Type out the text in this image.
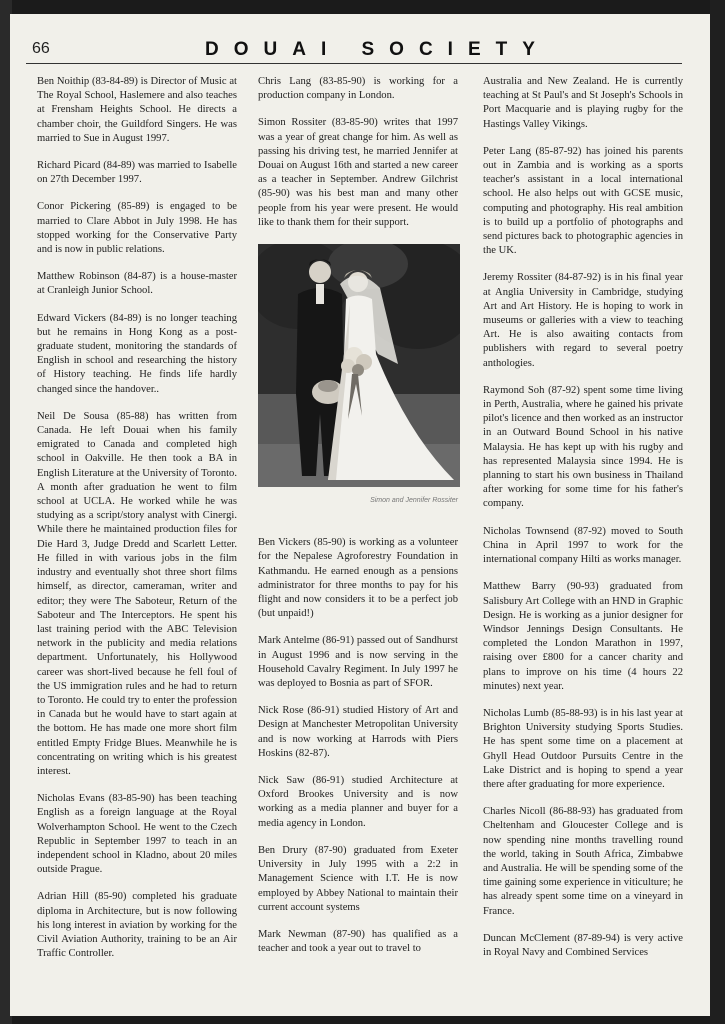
66	DOUAI SOCIETY

Ben Noithip (83-84-89) is Director of Music at The Royal School, Haslemere and also teaches at Frensham Heights School. He directs a chamber choir, the Guildford Singers. He was married to Sue in August 1997.

Richard Picard (84-89) was married to Isabelle on 27th December 1997.

Conor Pickering (85-89) is engaged to be married to Clare Abbot in July 1998. He has stopped working for the Conservative Party and is now in public relations.

Matthew Robinson (84-87) is a house-master at Cranleigh Junior School.

Edward Vickers (84-89) is no longer teaching but he remains in Hong Kong as a post-graduate student, monitoring the standards of English in school and researching the history of History teaching. He finds life hardly changed since the handover..

Neil De Sousa (85-88) has written from Canada. He left Douai when his family emigrated to Canada and completed high school in Oakville. He then took a BA in English Literature at the University of Toronto. A month after graduation he went to film school at UCLA. He worked while he was studying as a script/story analyst with Cinergi. While there he maintained production files for Die Hard 3, Judge Dredd and Scarlett Letter. He filled in with various jobs in the film industry and eventually shot three short films himself, as director, cameraman, writer and editor; they were The Saboteur, Return of the Saboteur and The Interceptors. He spent his last training period with the ABC Television network in the publicity and media relations department. Unfortunately, his Hollywood career was short-lived because he fell foul of the US immigration rules and he had to return to Toronto. He could try to enter the profession in Canada but he would have to start again at the bottom. He has made one more short film entitled Empty Fridge Blues. Meanwhile he is concentrating on writing which is his greatest interest.

Nicholas Evans (83-85-90) has been teaching English as a foreign language at the Royal Wolverhampton School. He went to the Czech Republic in September 1997 to teach in an independent school in Kladno, about 20 miles outside Prague.

Adrian Hill (85-90) completed his graduate diploma in Architecture, but is now following his long interest in aviation by working for the Civil Aviation Authority, training to be an Air Traffic Controller.

Chris Lang (83-85-90) is working for a production company in London.

Simon Rossiter (83-85-90) writes that 1997 was a year of great change for him. As well as passing his driving test, he married Jennifer at Douai on August 16th and started a new career as a teacher in September. Andrew Gilchrist (85-90) was his best man and many other people from his year were present. He would like to thank them for their support.

Simon and Jennifer Rossiter

Ben Vickers (85-90) is working as a volunteer for the Nepalese Agroforestry Foundation in Kathmandu. He earned enough as a pensions administrator for three months to pay for his flight and now considers it to be a perfect job (but unpaid!)

Mark Antelme (86-91) passed out of Sandhurst in August 1996 and is now serving in the Household Cavalry Regiment. In July 1997 he was deployed to Bosnia as part of SFOR.

Nick Rose (86-91) studied History of Art and Design at Manchester Metropolitan University and is now working at Harrods with Piers Hoskins (82-87).

Nick Saw (86-91) studied Architecture at Oxford Brookes University and is now working as a media planner and buyer for a media agency in London.

Ben Drury (87-90) graduated from Exeter University in July 1995 with a 2:2 in Management Science with I.T. He is now employed by Abbey National to maintain their current account systems

Mark Newman (87-90) has qualified as a teacher and took a year out to travel to

Australia and New Zealand. He is currently teaching at St Paul's and St Joseph's Schools in Port Macquarie and is playing rugby for the Hastings Valley Vikings.

Peter Lang (85-87-92) has joined his parents out in Zambia and is working as a sports teacher's assistant in a local international school. He also helps out with GCSE music, computing and photography. His real ambition is to build up a portfolio of photographs and send pictures back to photographic agencies in the UK.

Jeremy Rossiter (84-87-92) is in his final year at Anglia University in Cambridge, studying Art and Art History. He is hoping to work in museums or galleries with a view to teaching Art. He is also awaiting contacts from publishers with regard to several poetry anthologies.

Raymond Soh (87-92) spent some time living in Perth, Australia, where he gained his private pilot's licence and then worked as an instructor in an Outward Bound School in his native Malaysia. He has kept up with his rugby and has represented Malaysia since 1994. He is planning to start his own business in Thailand after working for some time for his father's company.

Nicholas Townsend (87-92) moved to South China in April 1997 to work for the international company Hilti as works manager.

Matthew Barry (90-93) graduated from Salisbury Art College with an HND in Graphic Design. He is working as a junior designer for Windsor Jennings Design Consultants. He completed the London Marathon in 1997, raising over £800 for a cancer charity and plans to improve on his time (4 hours 22 minutes) next year.

Nicholas Lumb (85-88-93) is in his last year at Brighton University studying Sports Studies. He has spent some time on a placement at Ghyll Head Outdoor Pursuits Centre in the Lake District and is hoping to spend a year there after graduating for more experience.

Charles Nicoll (86-88-93) has graduated from Cheltenham and Gloucester College and is now spending nine months travelling round the world, taking in South Africa, Zimbabwe and Australia. He will be spending some of the time gaining some experience in viticulture; he has already spent some time on a vineyard in France.

Duncan McClement (87-89-94) is very active in Royal Navy and Combined Services
